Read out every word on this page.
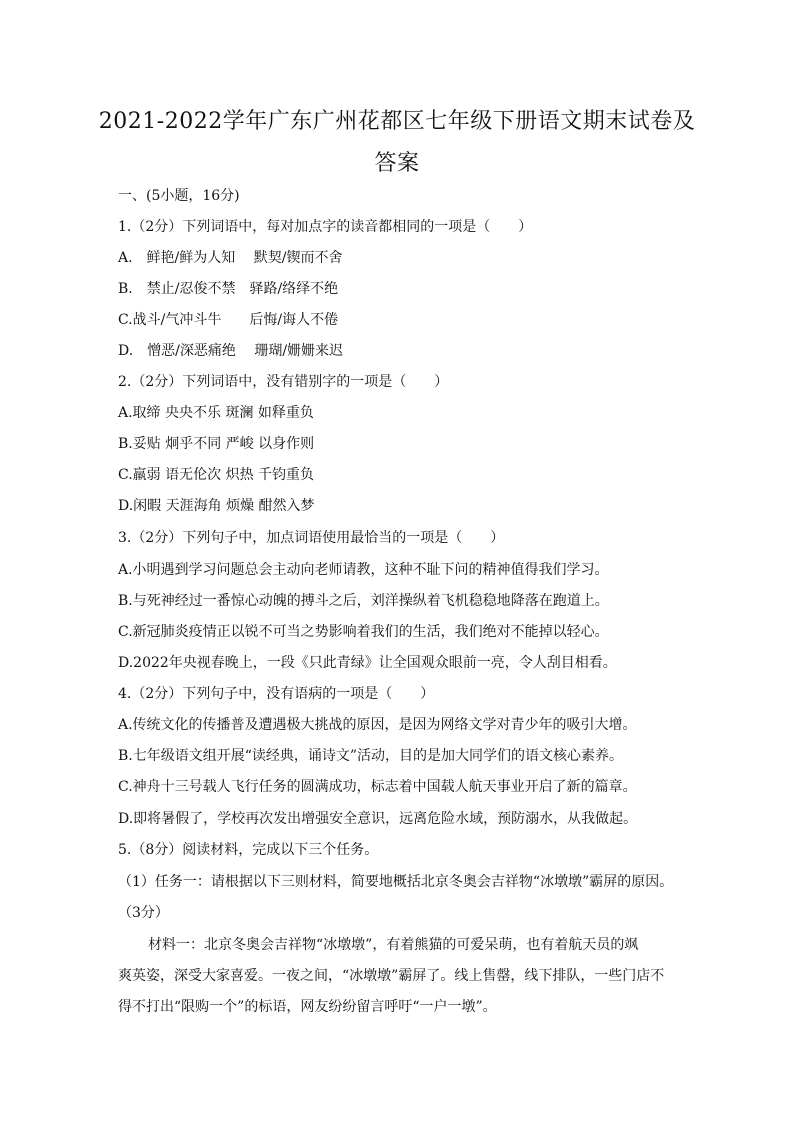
2021-2022学年广东广州花都区七年级下册语文期末试卷及
答案
一、(5小题，16分)
1.（2分）下列词语中，每对加点字的读音都相同的一项是（　　）
A.　鲜艳/鲜为人知　 默契/锲而不舍
B.　禁止/忍俊不禁　驿路/络绎不绝
C.战斗/气冲斗牛　　后悔/诲人不倦
D.　憎恶/深恶痛绝　 珊瑚/姗姗来迟
2.（2分）下列词语中，没有错别字的一项是（　　）
A.取缔 央央不乐 斑澜 如释重负
B.妥贴 炯乎不同 严峻 以身作则
C.羸弱 语无伦次 炽热 千钧重负
D.闲暇 天涯海角 烦燥 酣然入梦
3.（2分）下列句子中，加点词语使用最恰当的一项是（　　）
A.小明遇到学习问题总会主动向老师请教，这种不耻下问的精神值得我们学习。
B.与死神经过一番惊心动魄的搏斗之后，刘洋操纵着飞机稳稳地降落在跑道上。
C.新冠肺炎疫情正以锐不可当之势影响着我们的生活，我们绝对不能掉以轻心。
D.2022年央视春晚上，一段《只此青绿》让全国观众眼前一亮，令人刮目相看。
4.（2分）下列句子中，没有语病的一项是（　　）
A.传统文化的传播普及遭遇极大挑战的原因，是因为网络文学对青少年的吸引大增。
B.七年级语文组开展“读经典，诵诗文”活动，目的是加大同学们的语文核心素养。
C.神舟十三号载人飞行任务的圆满成功，标志着中国载人航天事业开启了新的篇章。
D.即将暑假了，学校再次发出增强安全意识，远离危险水域，预防溺水，从我做起。
5.（8分）阅读材料，完成以下三个任务。
（1）任务一：请根据以下三则材料，简要地概括北京冬奥会吉祥物“冰墩墩”霸屏的原因。
（3分）
材料一：北京冬奥会吉祥物“冰墩墩”，有着熊猫的可爱呆萌，也有着航天员的飒
爽英姿，深受大家喜爱。一夜之间，“冰墩墩”霸屏了。线上售罄，线下排队，一些门店不
得不打出“限购一个”的标语，网友纷纷留言呼吁“一户一墩”。
